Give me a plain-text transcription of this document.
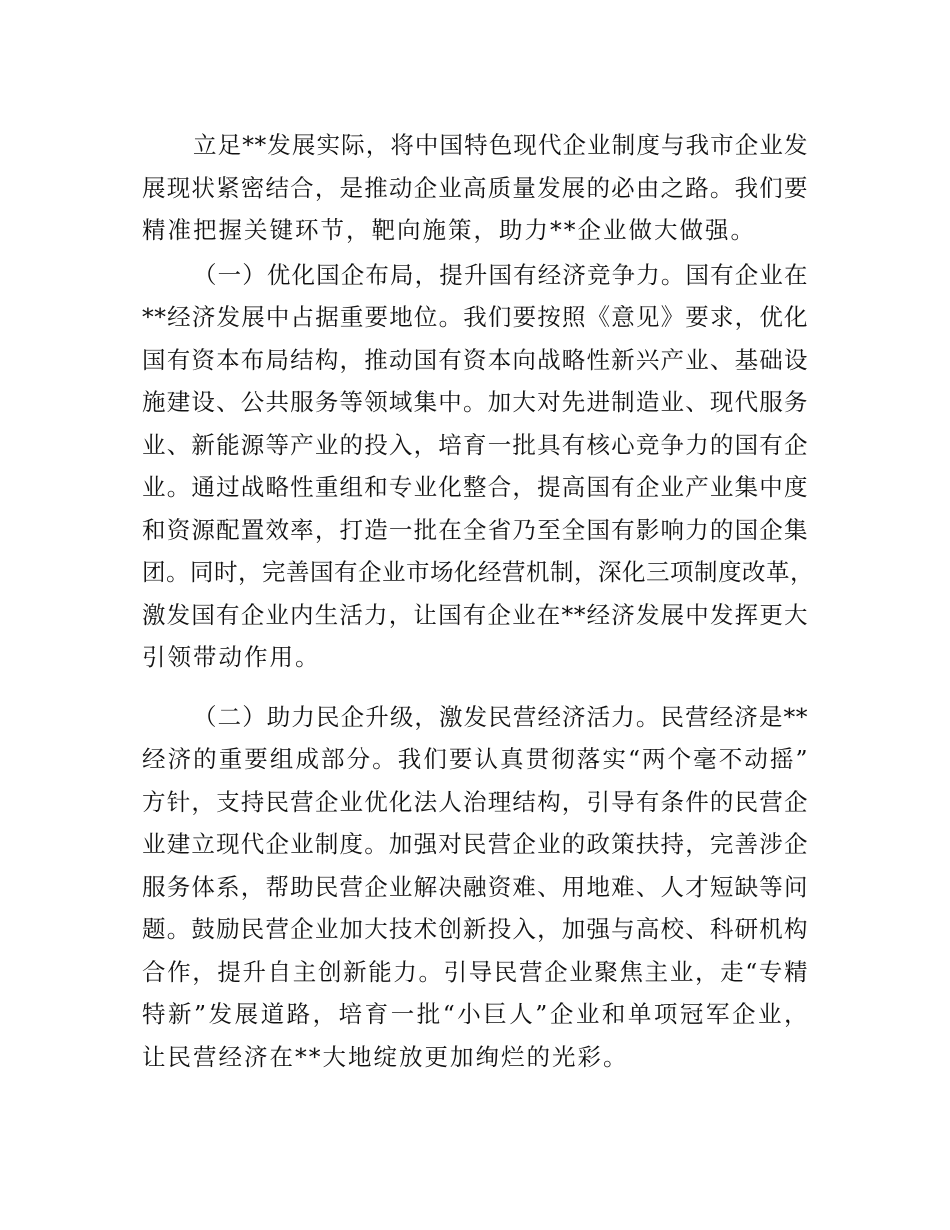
立足**发展实际，将中国特色现代企业制度与我市企业发
展现状紧密结合，是推动企业高质量发展的必由之路。我们要
精准把握关键环节，靶向施策，助力**企业做大做强。
（一）优化国企布局，提升国有经济竞争力。国有企业在
**经济发展中占据重要地位。我们要按照《意见》要求，优化
国有资本布局结构，推动国有资本向战略性新兴产业、基础设
施建设、公共服务等领域集中。加大对先进制造业、现代服务
业、新能源等产业的投入，培育一批具有核心竞争力的国有企
业。通过战略性重组和专业化整合，提高国有企业产业集中度
和资源配置效率，打造一批在全省乃至全国有影响力的国企集
团。同时，完善国有企业市场化经营机制，深化三项制度改革，
激发国有企业内生活力，让国有企业在**经济发展中发挥更大
引领带动作用。
（二）助力民企升级，激发民营经济活力。民营经济是**
经济的重要组成部分。我们要认真贯彻落实“两个毫不动摇”
方针，支持民营企业优化法人治理结构，引导有条件的民营企
业建立现代企业制度。加强对民营企业的政策扶持，完善涉企
服务体系，帮助民营企业解决融资难、用地难、人才短缺等问
题。鼓励民营企业加大技术创新投入，加强与高校、科研机构
合作，提升自主创新能力。引导民营企业聚焦主业，走“专精
特新”发展道路，培育一批“小巨人”企业和单项冠军企业，
让民营经济在**大地绽放更加绚烂的光彩。
